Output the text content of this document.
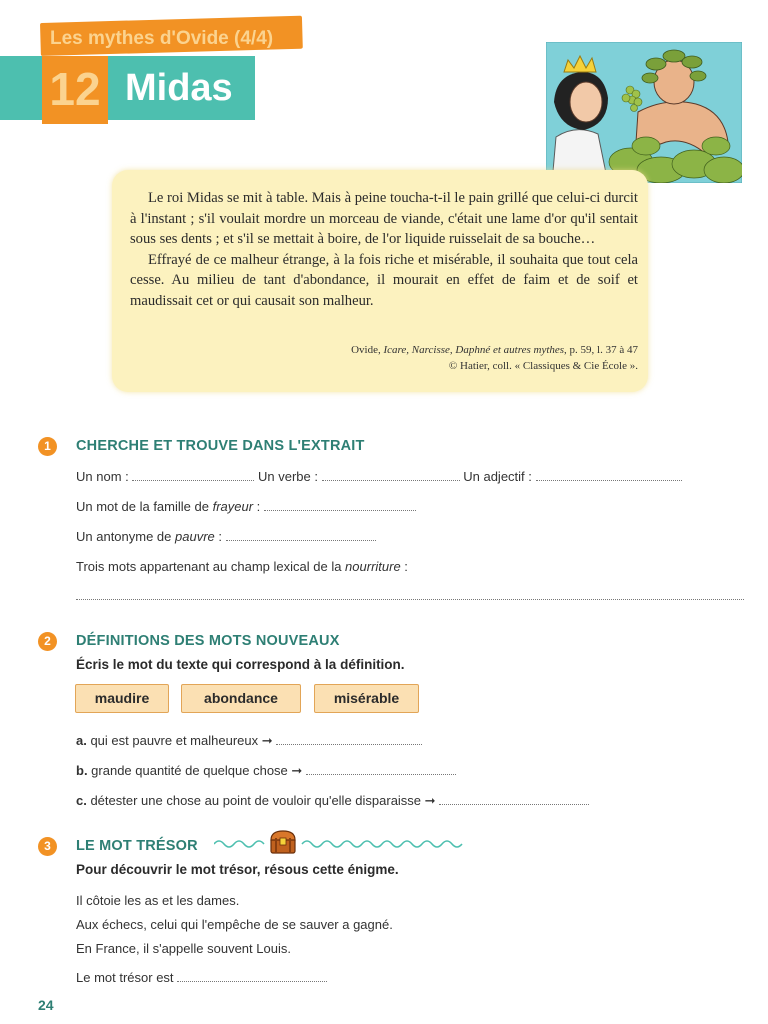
Les mythes d'Ovide (4/4)
12 Midas

Le roi Midas se mit à table. Mais à peine toucha-t-il le pain grillé que celui-ci durcit à l'instant ; s'il voulait mordre un morceau de viande, c'était une lame d'or qu'il sentait sous ses dents ; et s'il se mettait à boire, de l'or liquide ruisselait de sa bouche…

Effrayé de ce malheur étrange, à la fois riche et misérable, il souhaita que tout cela cesse. Au milieu de tant d'abondance, il mourait en effet de faim et de soif et maudissait cet or qui causait son malheur.

Ovide, Icare, Narcisse, Daphné et autres mythes, p. 59, l. 37 à 47
© Hatier, coll. « Classiques & Cie École ».
1	CHERCHE ET TROUVE DANS L'EXTRAIT
Un nom :	Un verbe :	Un adjectif :
Un mot de la famille de frayeur :
Un antonyme de pauvre :
Trois mots appartenant au champ lexical de la nourriture :
2	DÉFINITIONS DES MOTS NOUVEAUX
Écris le mot du texte qui correspond à la définition.
maudire	abondance	misérable
a. qui est pauvre et malheureux ➞
b. grande quantité de quelque chose ➞
c. détester une chose au point de vouloir qu'elle disparaisse ➞
3	LE MOT TRÉSOR
Pour découvrir le mot trésor, résous cette énigme.
Il côtoie les as et les dames.
Aux échecs, celui qui l'empêche de se sauver a gagné.
En France, il s'appelle souvent Louis.
Le mot trésor est
24
